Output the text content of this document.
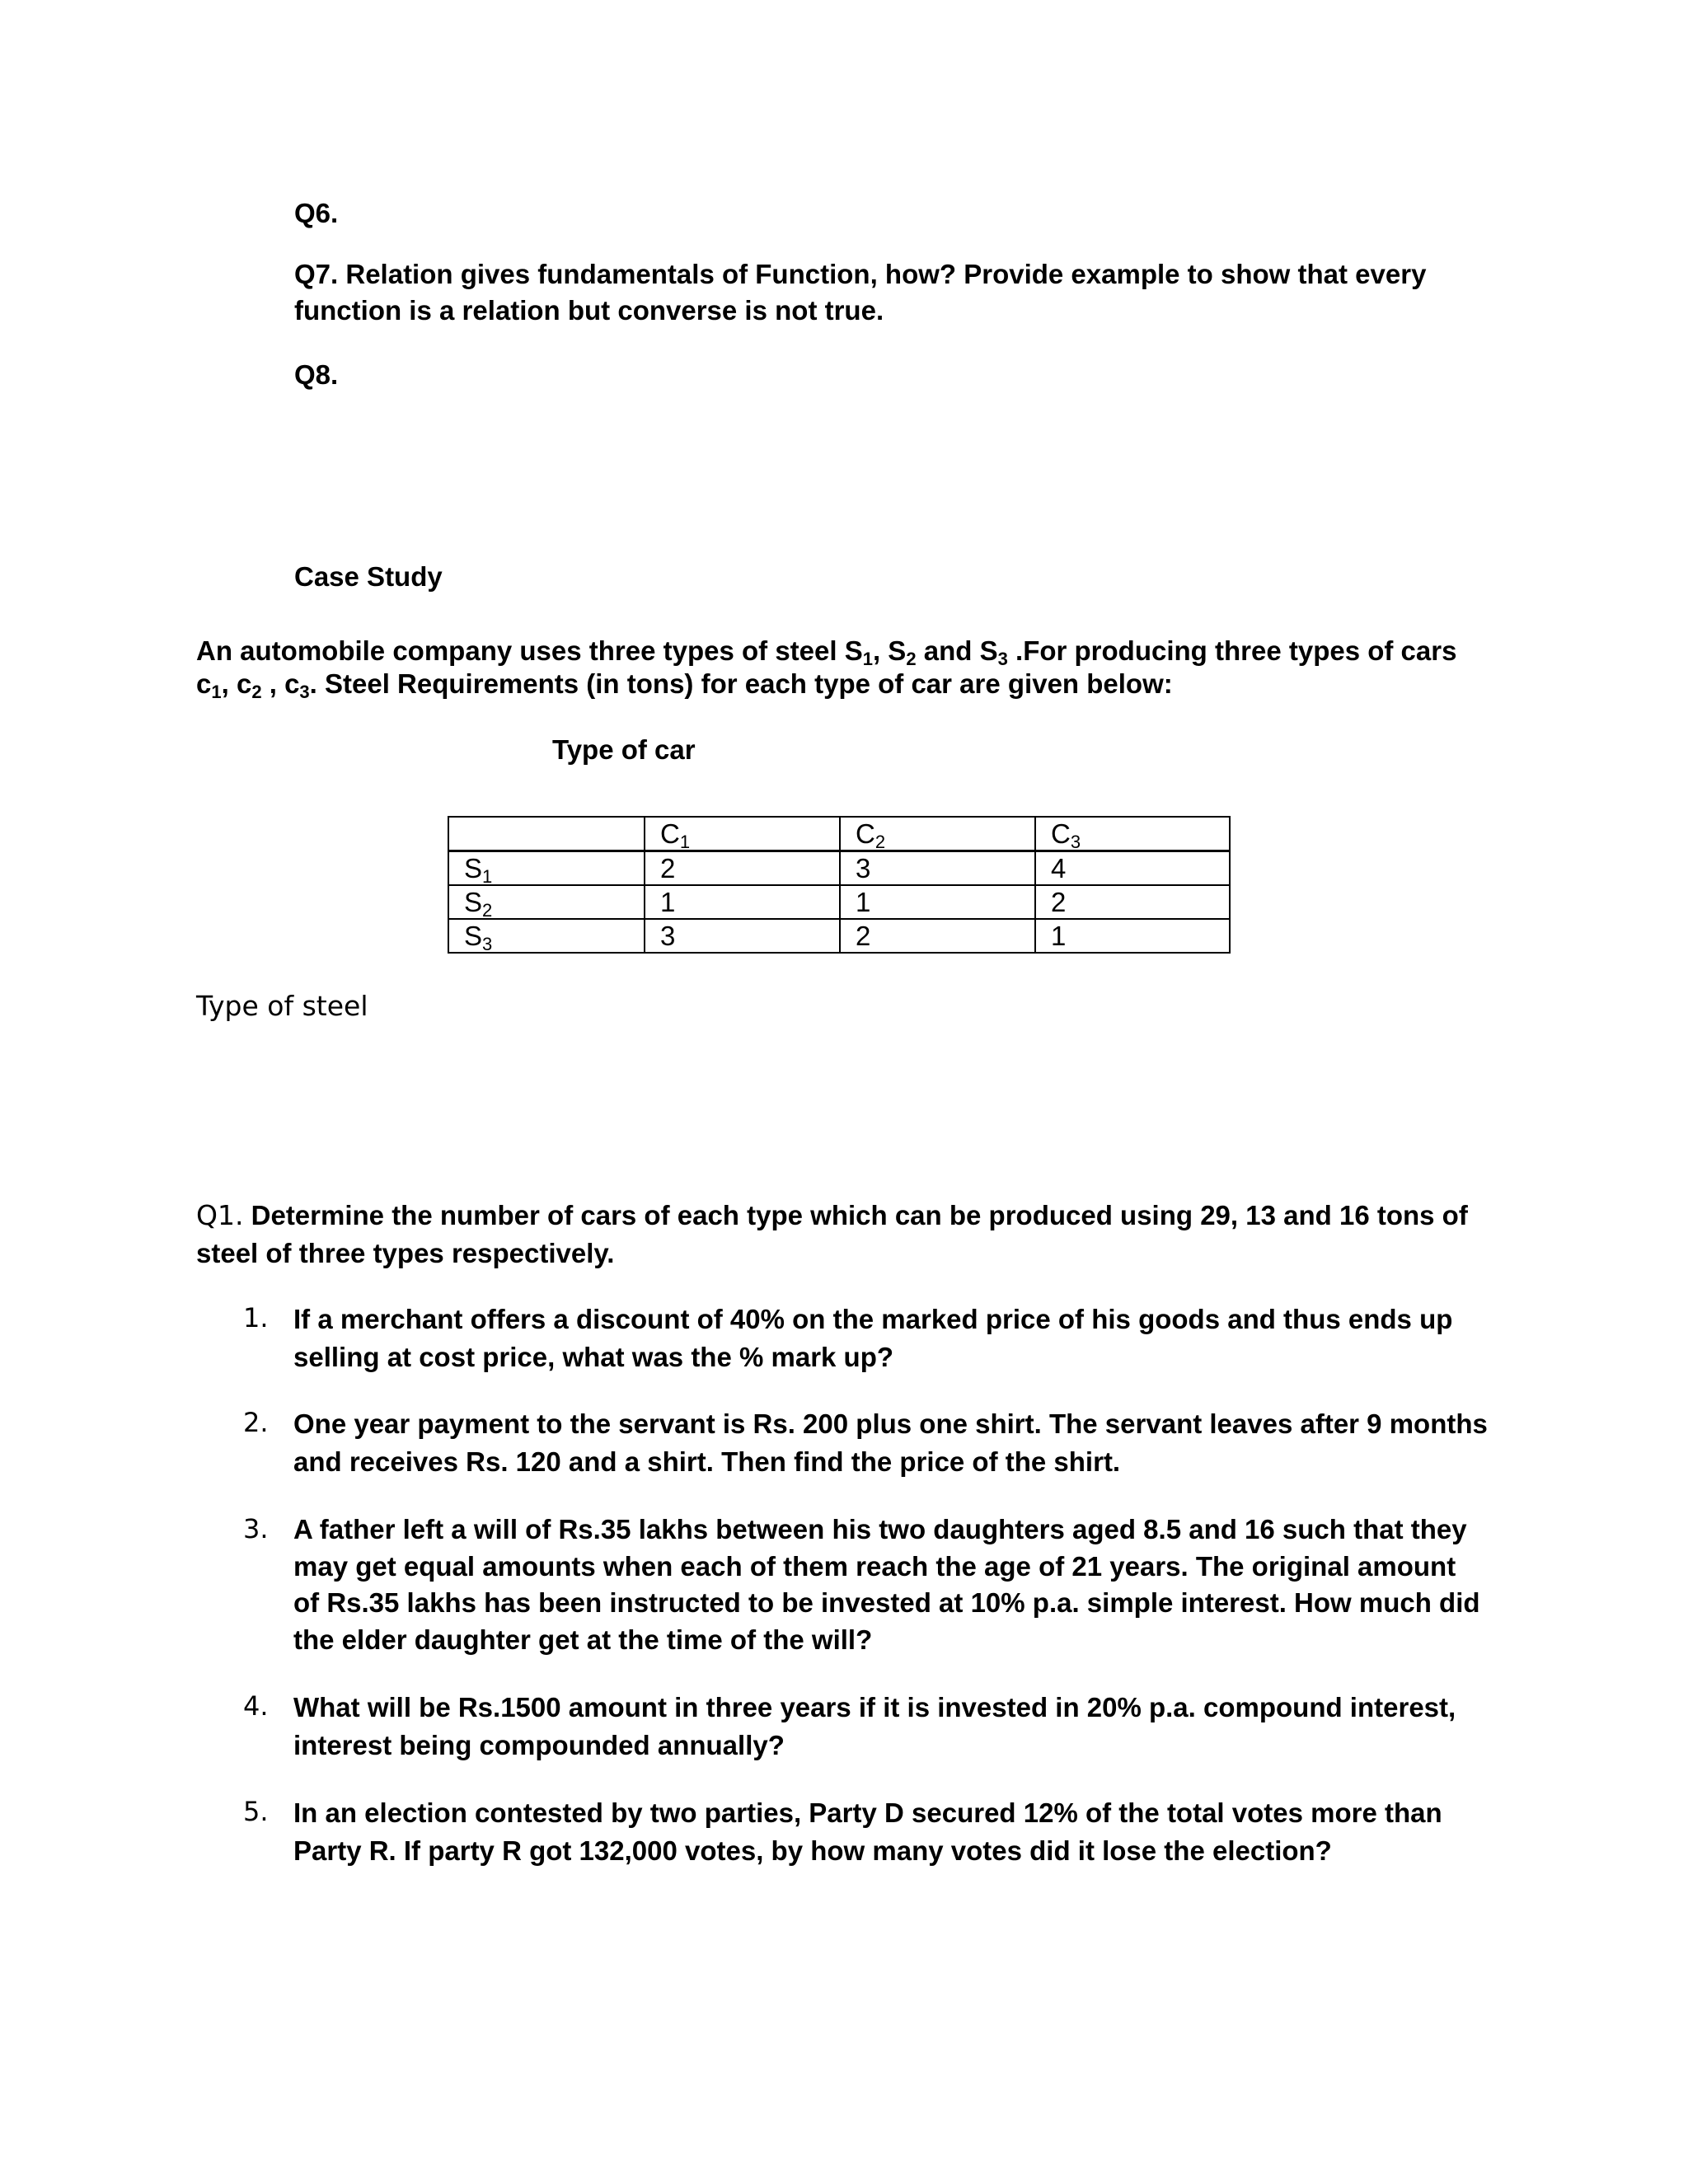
Q6.
Q7. Relation gives fundamentals of Function, how? Provide example to show that every function is a relation but converse is not true.
Q8.
Case Study
An automobile company uses three types of steel $S_1$, $S_2$ and $S_3$ .For producing three types of cars
$c_1$, $c_2$ , $c_3$. Steel Requirements (in tons) for each type of car are given below:
Type of car
	$C_1$	$C_2$	$C_3$
$S_1$	2	3	4
$S_2$	1	1	2
$S_3$	3	2	1
Type of steel
Q1. Determine the number of cars of each type which can be produced using 29, 13 and 16 tons of steel of three types respectively.
1. If a merchant offers a discount of 40% on the marked price of his goods and thus ends up selling at cost price, what was the % mark up?
2. One year payment to the servant is Rs. 200 plus one shirt. The servant leaves after 9 months and receives Rs. 120 and a shirt. Then find the price of the shirt.
3. A father left a will of Rs.35 lakhs between his two daughters aged 8.5 and 16 such that they may get equal amounts when each of them reach the age of 21 years. The original amount of Rs.35 lakhs has been instructed to be invested at 10% p.a. simple interest. How much did the elder daughter get at the time of the will?
4. What will be Rs.1500 amount in three years if it is invested in 20% p.a. compound interest, interest being compounded annually?
5. In an election contested by two parties, Party D secured 12% of the total votes more than Party R. If party R got 132,000 votes, by how many votes did it lose the election?
